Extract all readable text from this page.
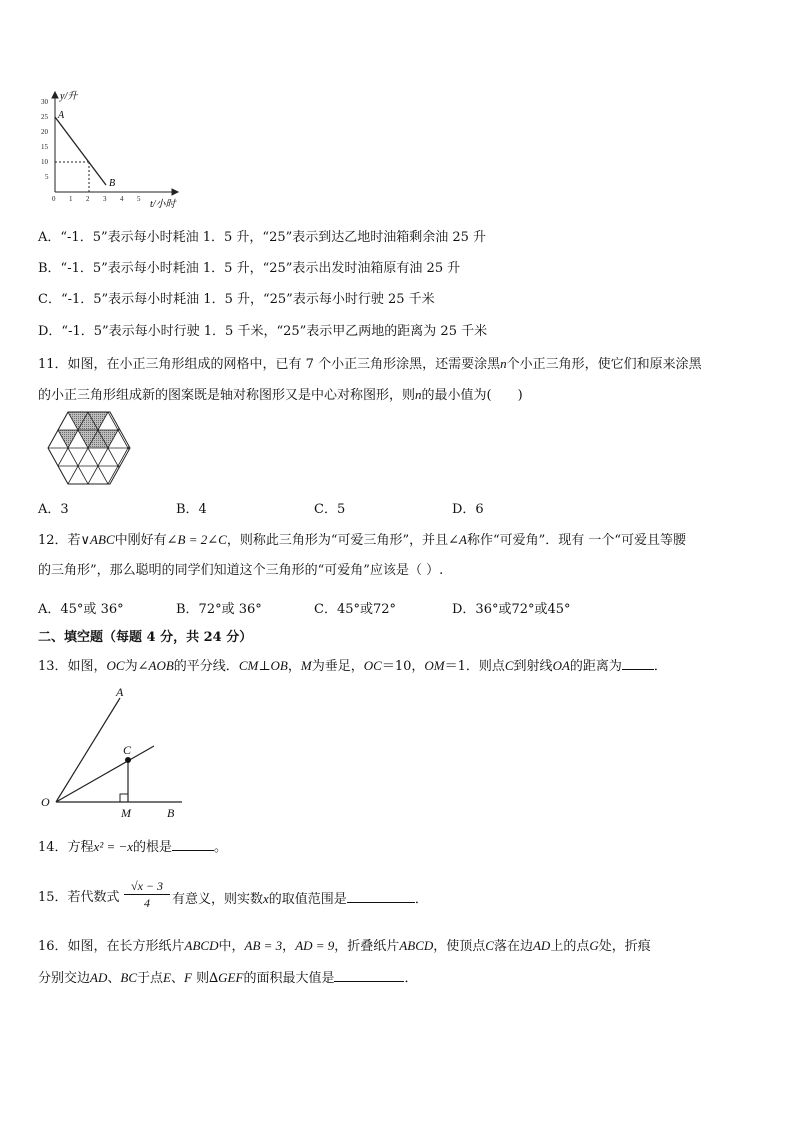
30
25
20
15
10
5
0 1 2 3 4 5
y/升
t/小时
A
B
A．“-1．5”表示每小时耗油 1．5 升，“25”表示到达乙地时油箱剩余油 25 升
B．“-1．5”表示每小时耗油 1．5 升，“25”表示出发时油箱原有油 25 升
C．“-1．5”表示每小时耗油 1．5 升，“25”表示每小时行驶 25 千米
D．“-1．5”表示每小时行驶 1．5 千米，“25”表示甲乙两地的距离为 25 千米
11．如图，在小正三角形组成的网格中，已有 7 个小正三角形涂黑，还需要涂黑n个小正三角形，使它们和原来涂黑
的小正三角形组成新的图案既是轴对称图形又是中心对称图形，则n的最小值为(　　)
A．3	B．4	C．5	D．6
12．若∨ABC中刚好有∠B = 2∠C，则称此三角形为“可爱三角形”，并且∠A称作“可爱角”．现有 一个“可爱且等腰
的三角形”，那么聪明的同学们知道这个三角形的“可爱角”应该是（ ）.
A．45°或 36°	B．72°或 36°	C．45°或72°	D．36°或72°或45°
二、填空题（每题 4 分，共 24 分）
13．如图，OC为∠AOB的平分线．CM⊥OB，M为垂足，OC＝10，OM＝1．则点C到射线OA的距离为 ．
A
B
C
O
M
14．方程x² = −x的根是	。
15．若代数式 $\frac{√x - 3}{4}$ 有意义，则实数x的取值范围是	．
16．如图，在长方形纸片ABCD中，AB = 3，AD = 9，折叠纸片ABCD，使顶点C落在边AD上的点G处，折痕
分别交边AD、BC于点E、F 则∆GEF的面积最大值是	．
